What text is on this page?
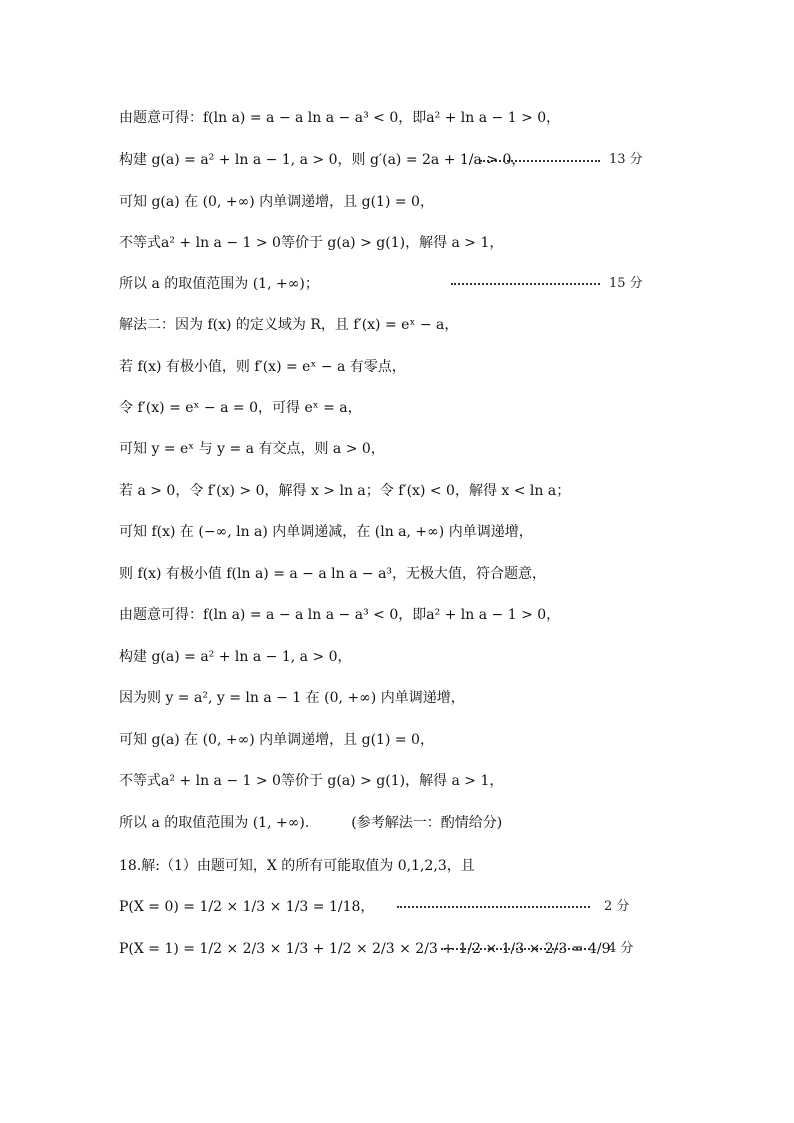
由题意可得：f(ln a) = a − a ln a − a³ < 0，即a² + ln a − 1 > 0，
构建 g(a) = a² + ln a − 1, a > 0，则 g′(a) = 2a + 1/a > 0，	13 分
可知 g(a) 在 (0, +∞) 内单调递增，且 g(1) = 0，
不等式a² + ln a − 1 > 0等价于 g(a) > g(1)，解得 a > 1，
所以 a 的取值范围为 (1, +∞)；	15 分
解法二：因为 f(x) 的定义域为 R，且 f′(x) = eˣ − a，
若 f(x) 有极小值，则 f′(x) = eˣ − a 有零点，
令 f′(x) = eˣ − a = 0，可得 eˣ = a，
可知 y = eˣ 与 y = a 有交点，则 a > 0，
若 a > 0，令 f′(x) > 0，解得 x > ln a；令 f′(x) < 0，解得 x < ln a；
可知 f(x) 在 (−∞, ln a) 内单调递减，在 (ln a, +∞) 内单调递增，
则 f(x) 有极小值 f(ln a) = a − a ln a − a³，无极大值，符合题意，
由题意可得：f(ln a) = a − a ln a − a³ < 0，即a² + ln a − 1 > 0，
构建 g(a) = a² + ln a − 1, a > 0，
因为则 y = a², y = ln a − 1 在 (0, +∞) 内单调递增，
可知 g(a) 在 (0, +∞) 内单调递增，且 g(1) = 0，
不等式a² + ln a − 1 > 0等价于 g(a) > g(1)，解得 a > 1，
所以 a 的取值范围为 (1, +∞).　　　(参考解法一：酌情给分)
18.解:（1）由题可知，X 的所有可能取值为 0,1,2,3，且
P(X = 0) = 1/2 × 1/3 × 1/3 = 1/18，	2 分
P(X = 1) = 1/2 × 2/3 × 1/3 + 1/2 × 2/3 × 2/3 + 1/2 × 1/3 × 2/3 = 4/9
4 分
